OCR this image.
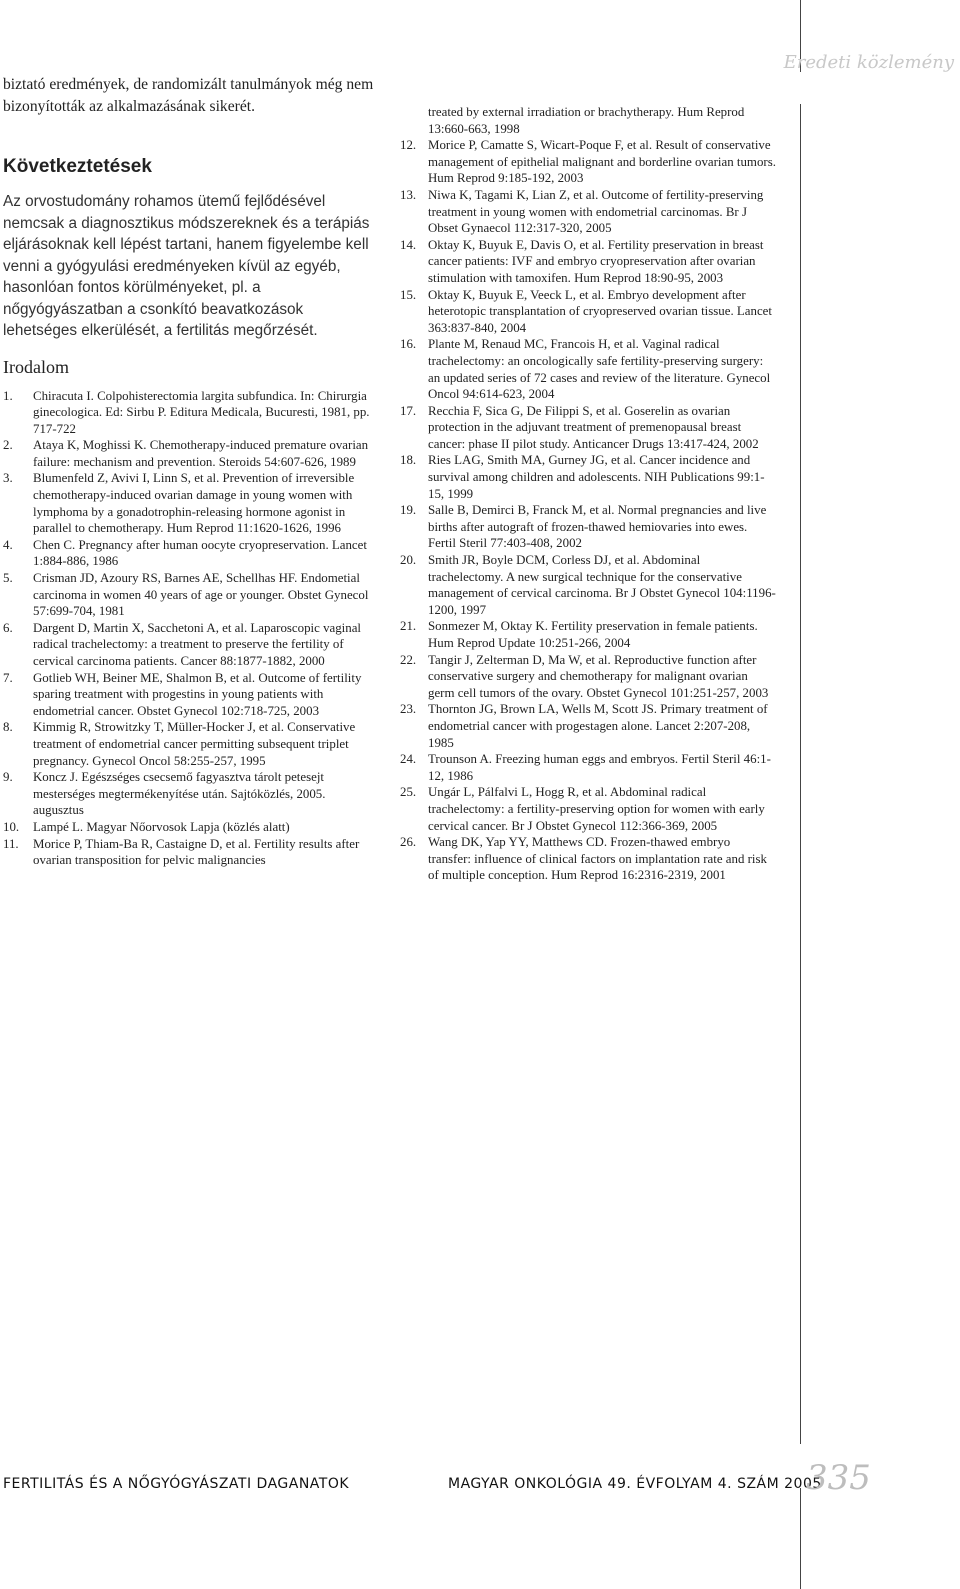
Eredeti közlemény

biztató eredmények, de randomizált tanulmányok még nem bizonyították az alkalmazásának sikerét.

Következtetések

Az orvostudomány rohamos ütemű fejlődésével nemcsak a diagnosztikus módszereknek és a terápiás eljárásoknak kell lépést tartani, hanem figyelembe kell venni a gyógyulási eredményeken kívül az egyéb, hasonlóan fontos körülményeket, pl. a nőgyógyászatban a csonkító beavatkozások lehetséges elkerülését, a fertilitás megőrzését.

Irodalom
1. Chiracuta I. Colpohisterectomia largita subfundica. In: Chirurgia ginecologica. Ed: Sirbu P. Editura Medicala, Bucuresti, 1981, pp. 717-722
2. Ataya K, Moghissi K. Chemotherapy-induced premature ovarian failure: mechanism and prevention. Steroids 54:607-626, 1989
3. Blumenfeld Z, Avivi I, Linn S, et al. Prevention of irreversible chemotherapy-induced ovarian damage in young women with lymphoma by a gonadotrophin-releasing hormone agonist in parallel to chemotherapy. Hum Reprod 11:1620-1626, 1996
4. Chen C. Pregnancy after human oocyte cryopreservation. Lancet 1:884-886, 1986
5. Crisman JD, Azoury RS, Barnes AE, Schellhas HF. Endometial carcinoma in women 40 years of age or younger. Obstet Gynecol 57:699-704, 1981
6. Dargent D, Martin X, Sacchetoni A, et al. Laparoscopic vaginal radical trachelectomy: a treatment to preserve the fertility of cervical carcinoma patients. Cancer 88:1877-1882, 2000
7. Gotlieb WH, Beiner ME, Shalmon B, et al. Outcome of fertility sparing treatment with progestins in young patients with endometrial cancer. Obstet Gynecol 102:718-725, 2003
8. Kimmig R, Strowitzky T, Müller-Hocker J, et al. Conservative treatment of endometrial cancer permitting subsequent triplet pregnancy. Gynecol Oncol 58:255-257, 1995
9. Koncz J. Egészséges csecsemő fagyasztva tárolt petesejt mesterséges megtermékenyítése után. Sajtóközlés, 2005. augusztus
10. Lampé L. Magyar Nőorvosok Lapja (közlés alatt)
11. Morice P, Thiam-Ba R, Castaigne D, et al. Fertility results after ovarian transposition for pelvic malignancies
treated by external irradiation or brachytherapy. Hum Reprod 13:660-663, 1998
12. Morice P, Camatte S, Wicart-Poque F, et al. Result of conservative management of epithelial malignant and borderline ovarian tumors. Hum Reprod 9:185-192, 2003
13. Niwa K, Tagami K, Lian Z, et al. Outcome of fertility-preserving treatment in young women with endometrial carcinomas. Br J Obset Gynaecol 112:317-320, 2005
14. Oktay K, Buyuk E, Davis O, et al. Fertility preservation in breast cancer patients: IVF and embryo cryopreservation after ovarian stimulation with tamoxifen. Hum Reprod 18:90-95, 2003
15. Oktay K, Buyuk E, Veeck L, et al. Embryo development after heterotopic transplantation of cryopreserved ovarian tissue. Lancet 363:837-840, 2004
16. Plante M, Renaud MC, Francois H, et al. Vaginal radical trachelectomy: an oncologically safe fertility-preserving surgery: an updated series of 72 cases and review of the literature. Gynecol Oncol 94:614-623, 2004
17. Recchia F, Sica G, De Filippi S, et al. Goserelin as ovarian protection in the adjuvant treatment of premenopausal breast cancer: phase II pilot study. Anticancer Drugs 13:417-424, 2002
18. Ries LAG, Smith MA, Gurney JG, et al. Cancer incidence and survival among children and adolescents. NIH Publications 99:1-15, 1999
19. Salle B, Demirci B, Franck M, et al. Normal pregnancies and live births after autograft of frozen-thawed hemiovaries into ewes. Fertil Steril 77:403-408, 2002
20. Smith JR, Boyle DCM, Corless DJ, et al. Abdominal trachelectomy. A new surgical technique for the conservative management of cervical carcinoma. Br J Obstet Gynecol 104:1196-1200, 1997
21. Sonmezer M, Oktay K. Fertility preservation in female patients. Hum Reprod Update 10:251-266, 2004
22. Tangir J, Zelterman D, Ma W, et al. Reproductive function after conservative surgery and chemotherapy for malignant ovarian germ cell tumors of the ovary. Obstet Gynecol 101:251-257, 2003
23. Thornton JG, Brown LA, Wells M, Scott JS. Primary treatment of endometrial cancer with progestagen alone. Lancet 2:207-208, 1985
24. Trounson A. Freezing human eggs and embryos. Fertil Steril 46:1-12, 1986
25. Ungár L, Pálfalvi L, Hogg R, et al. Abdominal radical trachelectomy: a fertility-preserving option for women with early cervical cancer. Br J Obstet Gynecol 112:366-369, 2005
26. Wang DK, Yap YY, Matthews CD. Frozen-thawed embryo transfer: influence of clinical factors on implantation rate and risk of multiple conception. Hum Reprod 16:2316-2319, 2001
FERTILITÁS ÉS A NŐGYÓGYÁSZATI DAGANATOK	MAGYAR ONKOLÓGIA 49. ÉVFOLYAM 4. SZÁM 2005
335
